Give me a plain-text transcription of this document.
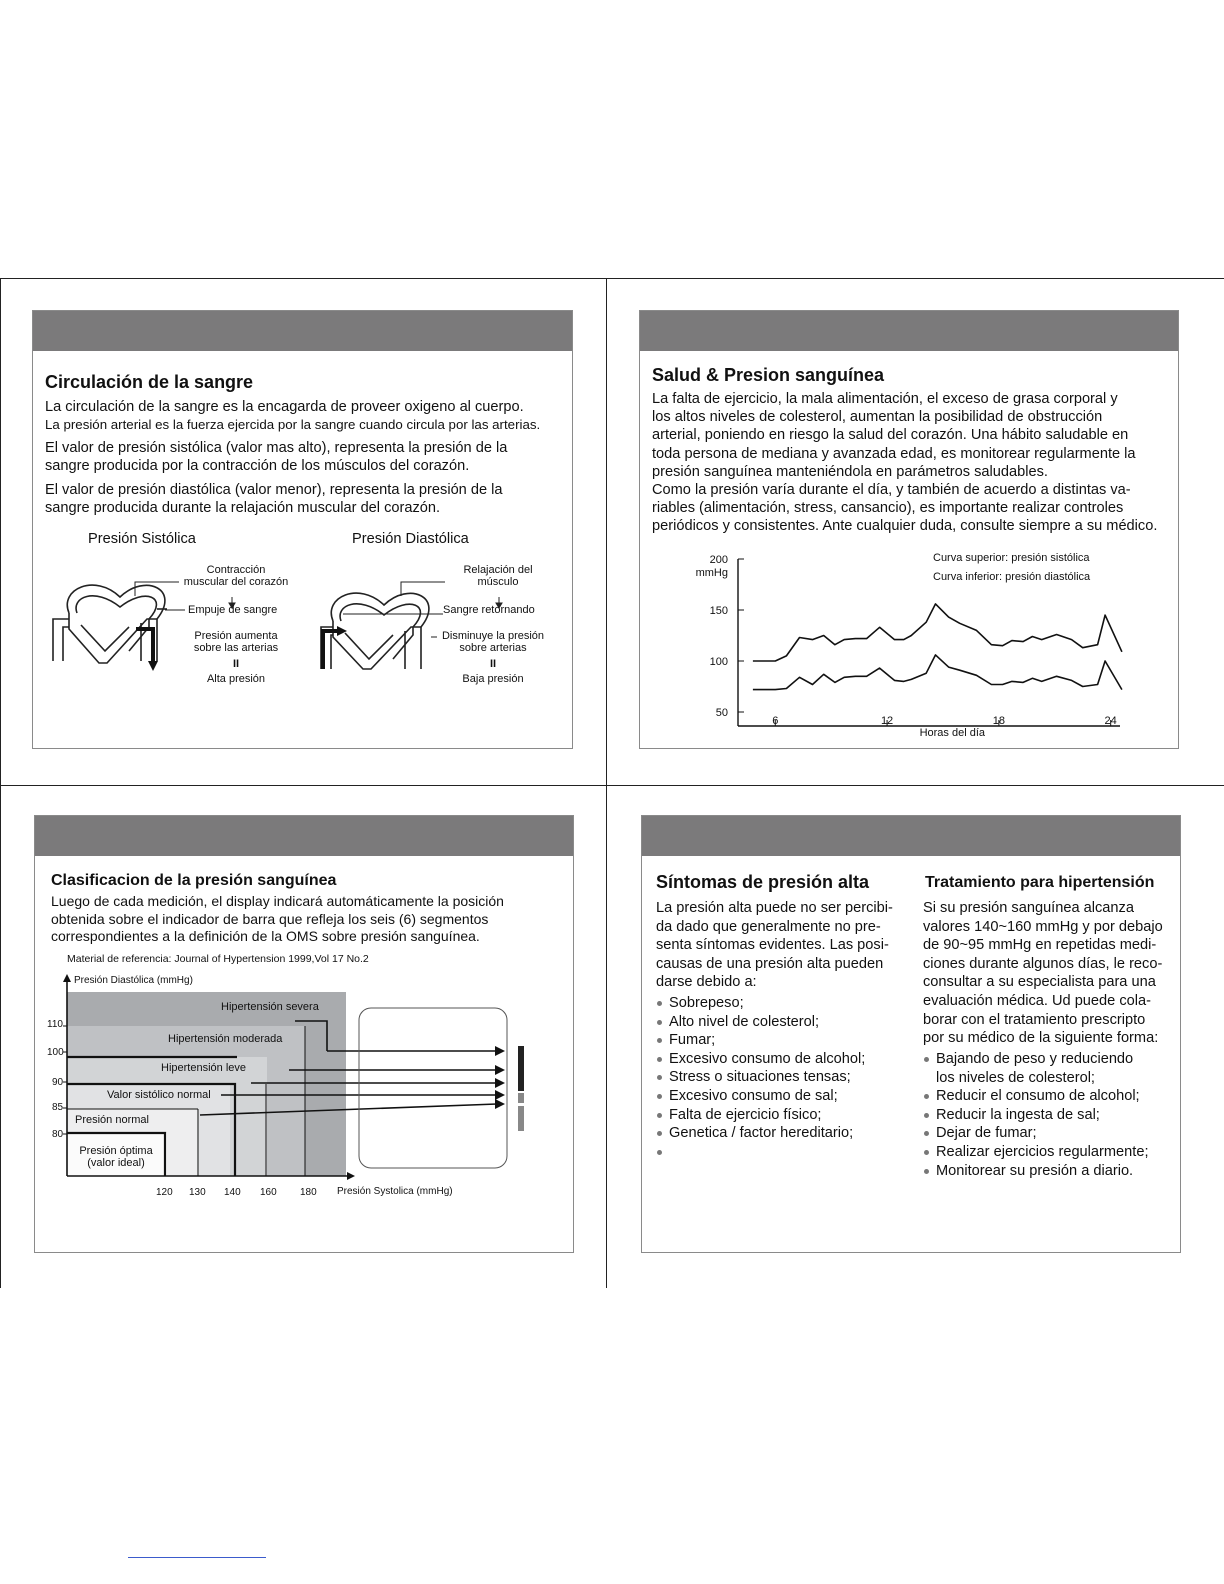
Circulación de la sangre

La circulación de la sangre es la encagarda de proveer oxigeno al cuerpo.

La presión arterial es la fuerza ejercida por la sangre cuando circula por las arterias.

El valor de presión sistólica (valor mas alto), representa la presión de la sangre producida por la contracción de los músculos del corazón.

El valor de presión diastólica (valor menor), representa la presión de la sangre producida durante la relajación muscular del corazón.

Presión Sistólica	Presión Diastólica
Contracción
muscular del corazón
Empuje de sangre
Presión aumenta
sobre las arterias
II
Alta presión
Relajación del
músculo
Sangre retornando
Disminuye la presión
sobre arterias
II
Baja presión
Salud & Presion sanguínea
La falta de ejercicio, la mala alimentación, el exceso de grasa corporal y
los altos niveles de colesterol, aumentan la posibilidad de obstrucción
arterial, poniendo en riesgo la salud del corazón. Una hábito saludable en
toda persona de mediana y avanzada edad, es monitorear regularmente la
presión sanguínea manteniéndola en parámetros saludables.
Como la presión varía durante el día, y también de acuerdo a distintas va-
riables (alimentación, stress, cansancio), es importante realizar controles
periódicos y consistentes. Ante cualquier duda, consulte siempre a su médico.
200
150
100
50
mmHg
6	12	18	24
Horas del día
Curva superior: presión sistólica
Curva inferior: presión diastólica
Clasificacion de la presión sanguínea
Luego de cada medición, el display indicará automáticamente la posición
obtenida sobre el indicador de barra que refleja los seis (6) segmentos
correspondientes a la definición de la OMS sobre presión sanguínea.
Material de referencia: Journal of Hypertension 1999,Vol 17 No.2
Presión Diastólica (mmHg)
110
100
90
85
80
Hipertensión severa
Hipertensión moderada
Hipertensión leve
Valor sistólico normal
Presión normal
Presión óptima
(valor ideal)
120 130 140 160 180 Presión Systolica (mmHg)
Síntomas de presión alta
La presión alta puede no ser percibi-
da dado que generalmente no pre-
senta síntomas evidentes. Las posi-
causas de una presión alta pueden
darse debido a:
Sobrepeso;
Alto nivel de colesterol;
Fumar;
Excesivo consumo de alcohol;
Stress o situaciones tensas;
Excesivo consumo de sal;
Falta de ejercicio físico;
Genetica / factor hereditario;
Tratamiento para hipertensión
Si su presión sanguínea alcanza
valores 140~160 mmHg y por debajo
de 90~95 mmHg en repetidas medi-
ciones durante algunos días, le reco-
consultar a su especialista para una
evaluación médica. Ud puede cola-
borar con el tratamiento prescripto
por su médico de la siguiente forma:
Bajando de peso y reduciendo
los niveles de colesterol;
Reducir el consumo de alcohol;
Reducir la ingesta de sal;
Dejar de fumar;
Realizar ejercicios regularmente;
Monitorear su presión a diario.
